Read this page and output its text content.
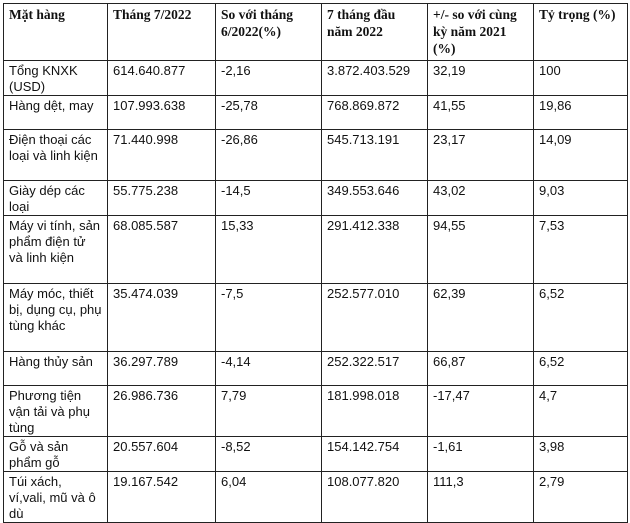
Mặt hàng	Tháng 7/2022	So với tháng 6/2022(%)	7 tháng đầu năm 2022	+/- so với cùng kỳ năm 2021 (%)	Tỷ trọng (%)
Tổng KNXK (USD)	614.640.877	-2,16	3.872.403.529	32,19	100
Hàng dệt, may	107.993.638	-25,78	768.869.872	41,55	19,86
Điện thoại các loại và linh kiện	71.440.998	-26,86	545.713.191	23,17	14,09
Giày dép các loại	55.775.238	-14,5	349.553.646	43,02	9,03
Máy vi tính, sản phẩm điện tử và linh kiện	68.085.587	15,33	291.412.338	94,55	7,53
Máy móc, thiết bị, dụng cụ, phụ tùng khác	35.474.039	-7,5	252.577.010	62,39	6,52
Hàng thủy sản	36.297.789	-4,14	252.322.517	66,87	6,52
Phương tiện vận tải và phụ tùng	26.986.736	7,79	181.998.018	-17,47	4,7
Gỗ và sản phẩm gỗ	20.557.604	-8,52	154.142.754	-1,61	3,98
Túi xách, ví,vali, mũ và ô dù	19.167.542	6,04	108.077.820	111,3	2,79
